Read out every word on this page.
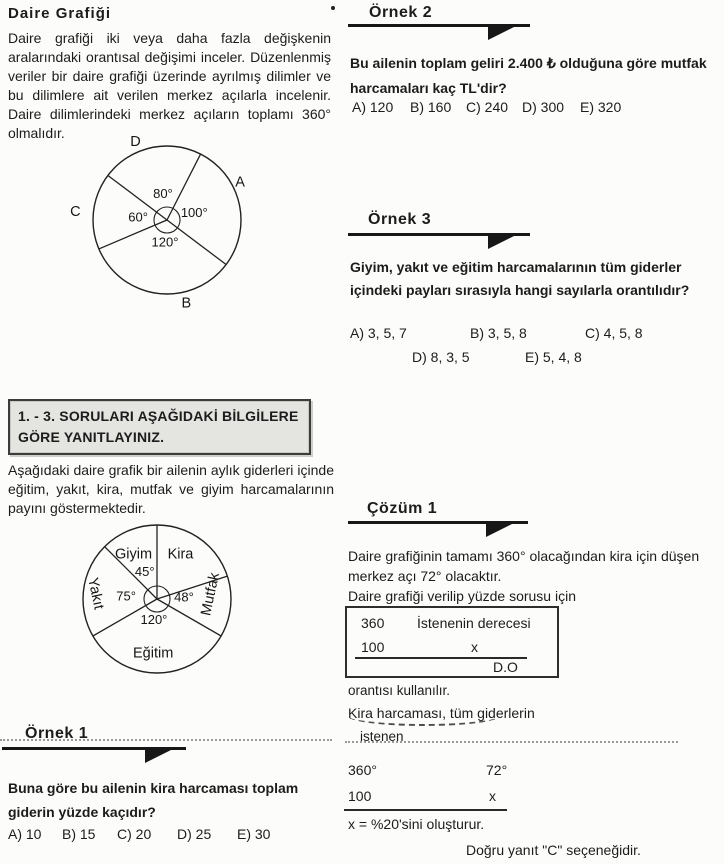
Daire Grafiği
Daire grafiği iki veya daha fazla değişkenin aralarındaki orantısal değişimi inceler. Düzenlenmiş veriler bir daire grafiği üzerinde ayrılmış dilimler ve bu dilimlere ait verilen merkez açılarla incelenir. Daire dilimlerindeki merkez açıların toplamı 360° olmalıdır.
100°
A
80°
D
60°
C
120°
B
1. - 3. SORULARI AŞAĞIDAKİ BİLGİLERE GÖRE YANITLAYINIZ.
Aşağıdaki daire grafik bir ailenin aylık giderleri içinde eğitim, yakıt, kira, mutfak ve giyim harcamalarının payını göstermektedir.
Kira
48° Mutfak
120°
Eğitim
75°
Yakıt
45°
Giyim
Örnek 1
Buna göre bu ailenin kira harcaması toplam giderin yüzde kaçıdır?
A) 10 B) 15 C) 20 D) 25 E) 30
Örnek 2
Bu ailenin toplam geliri 2.400 ₺ olduğuna göre mutfak harcamaları kaç TL'dir?
A) 120 B) 160 C) 240 D) 300 E) 320
Örnek 3
Giyim, yakıt ve eğitim harcamalarının tüm giderler içindeki payları sırasıyla hangi sayılarla orantılıdır?
A) 3, 5, 7	B) 3, 5, 8	C) 4, 5, 8
D) 8, 3, 5	E) 5, 4, 8
Çözüm 1
Daire grafiğinin tamamı 360° olacağından kira için düşen merkez açı 72° olacaktır.
Daire grafiği verilip yüzde sorusu için
360 İstenenin derecesi
100	x
D.O
orantısı kullanılır.
Kira harcaması, tüm giderlerin
istenen
360°	72°
100	x
x = %20'sini oluşturur.
Doğru yanıt "C" seçeneğidir.
